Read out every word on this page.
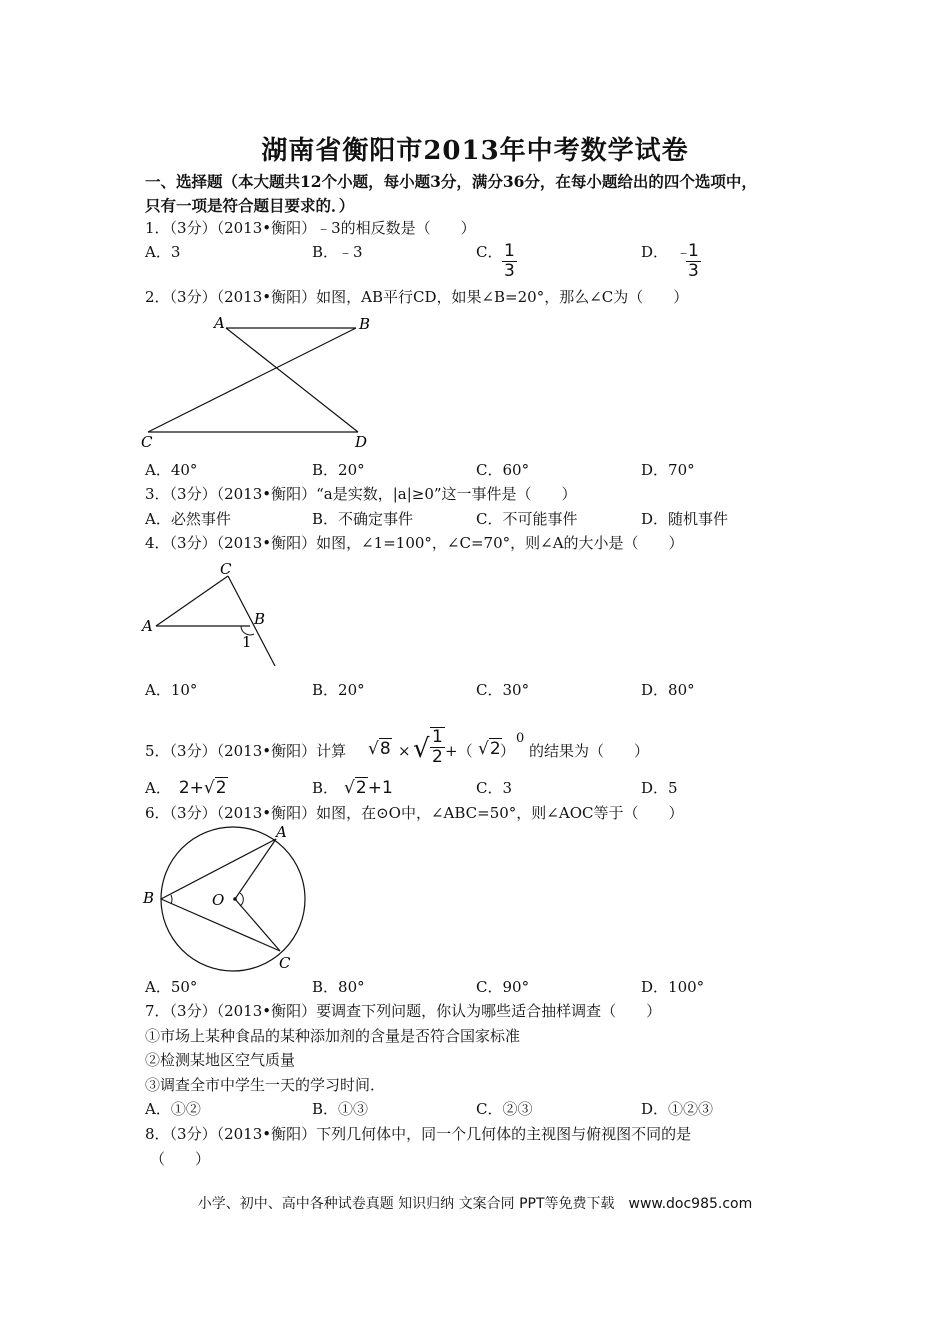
湖南省衡阳市2013年中考数学试卷
一、选择题（本大题共12个小题，每小题3分，满分36分，在每小题给出的四个选项中，
只有一项是符合题目要求的．）
1．（3分）（2013•衡阳）﹣3的相反数是（　　）
A．3	B．﹣3	C． $\frac{1}{3}$	D． ﹣
$\frac{1}{3}$
2．（3分）（2013•衡阳）如图，AB平行CD，如果∠B=20°，那么∠C为（　　）
A	B
C	D
A．40°	B．20°	C．60°	D．70°
3．（3分）（2013•衡阳）“a是实数，|a|≥0”这一事件是（　　）
A．必然事件	B．不确定事件	C．不可能事件	D．随机事件
4．（3分）（2013•衡阳）如图，∠1=100°，∠C=70°，则∠A的大小是（　　）
A
C
B
1
A．10°	B．20°	C．30°	D．80°
5．（3分）（2013•衡阳）计算 √8 × √ $\frac{1}{2}$ +（ √2 ）
0
的结果为（　　）
A． 2+√2	B． √2+1	C．3	D．5
6．（3分）（2013•衡阳）如图，在⊙O中，∠ABC=50°，则∠AOC等于（　　）
B
A
C
O
A．50°	B．80°	C．90°	D．100°
7．（3分）（2013•衡阳）要调查下列问题，你认为哪些适合抽样调查（　　）
①市场上某种食品的某种添加剂的含量是否符合国家标准
②检测某地区空气质量
③调查全市中学生一天的学习时间．
A．①②	B．①③	C．②③	D．①②③
8．（3分）（2013•衡阳）下列几何体中，同一个几何体的主视图与俯视图不同的是
（　　）
小学、初中、高中各种试卷真题 知识归纳 文案合同 PPT等免费下载　www.doc985.com
